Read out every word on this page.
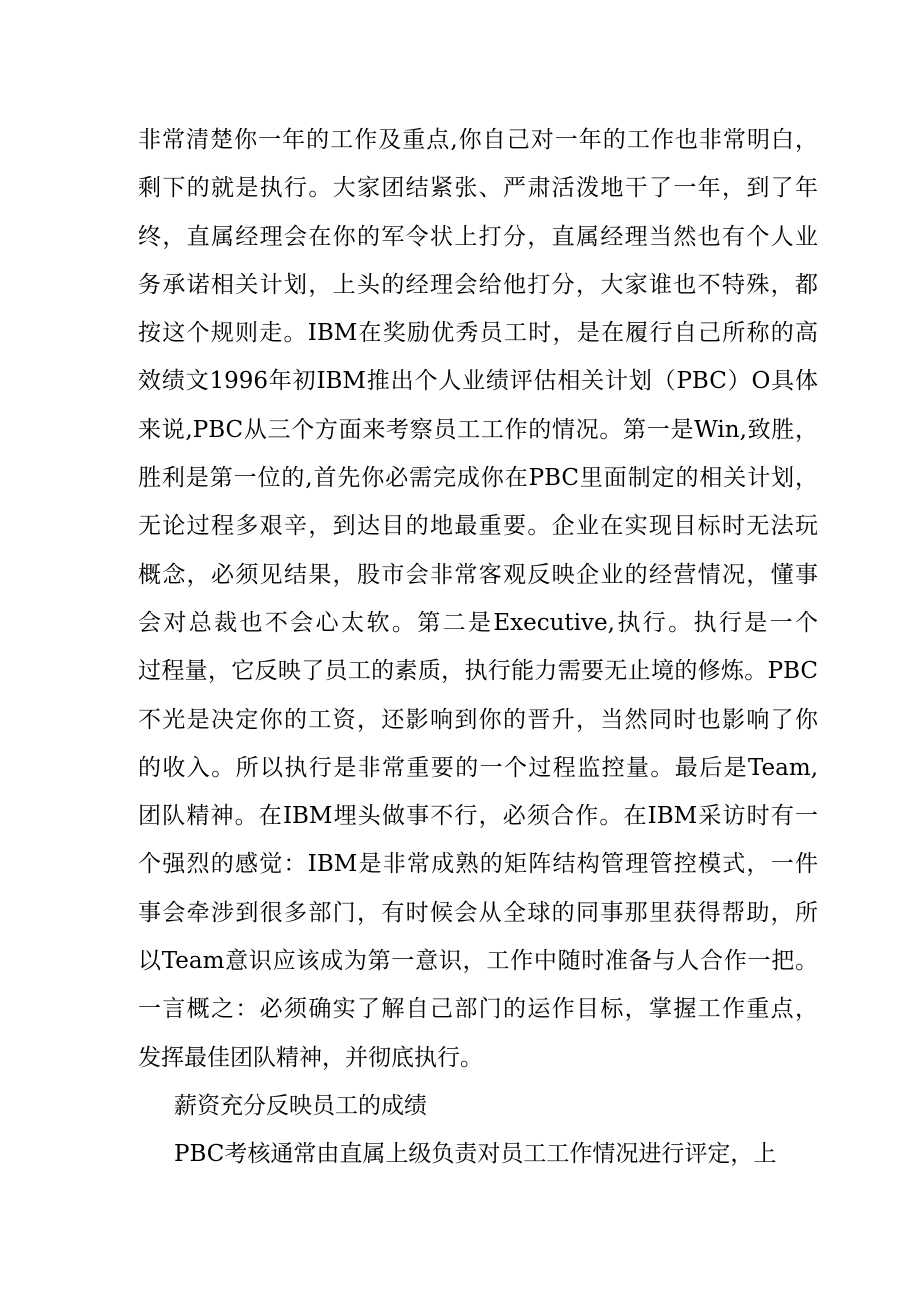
非常清楚你一年的工作及重点,你自己对一年的工作也非常明白，
剩下的就是执行。大家团结紧张、严肃活泼地干了一年，到了年
终，直属经理会在你的军令状上打分，直属经理当然也有个人业
务承诺相关计划，上头的经理会给他打分，大家谁也不特殊，都
按这个规则走。IBM在奖励优秀员工时，是在履行自己所称的高
效绩文1996年初IBM推出个人业绩评估相关计划（PBC）O具体
来说,PBC从三个方面来考察员工工作的情况。第一是Win,致胜，
胜利是第一位的,首先你必需完成你在PBC里面制定的相关计划，
无论过程多艰辛，到达目的地最重要。企业在实现目标时无法玩
概念，必须见结果，股市会非常客观反映企业的经营情况，懂事
会对总裁也不会心太软。第二是Executive,执行。执行是一个
过程量，它反映了员工的素质，执行能力需要无止境的修炼。PBC
不光是决定你的工资，还影响到你的晋升，当然同时也影响了你
的收入。所以执行是非常重要的一个过程监控量。最后是Team,
团队精神。在IBM埋头做事不行，必须合作。在IBM采访时有一
个强烈的感觉：IBM是非常成熟的矩阵结构管理管控模式，一件
事会牵涉到很多部门，有时候会从全球的同事那里获得帮助，所
以Team意识应该成为第一意识，工作中随时准备与人合作一把。
一言概之：必须确实了解自己部门的运作目标，掌握工作重点，
发挥最佳团队精神，并彻底执行。
薪资充分反映员工的成绩
PBC考核通常由直属上级负责对员工工作情况进行评定，上
